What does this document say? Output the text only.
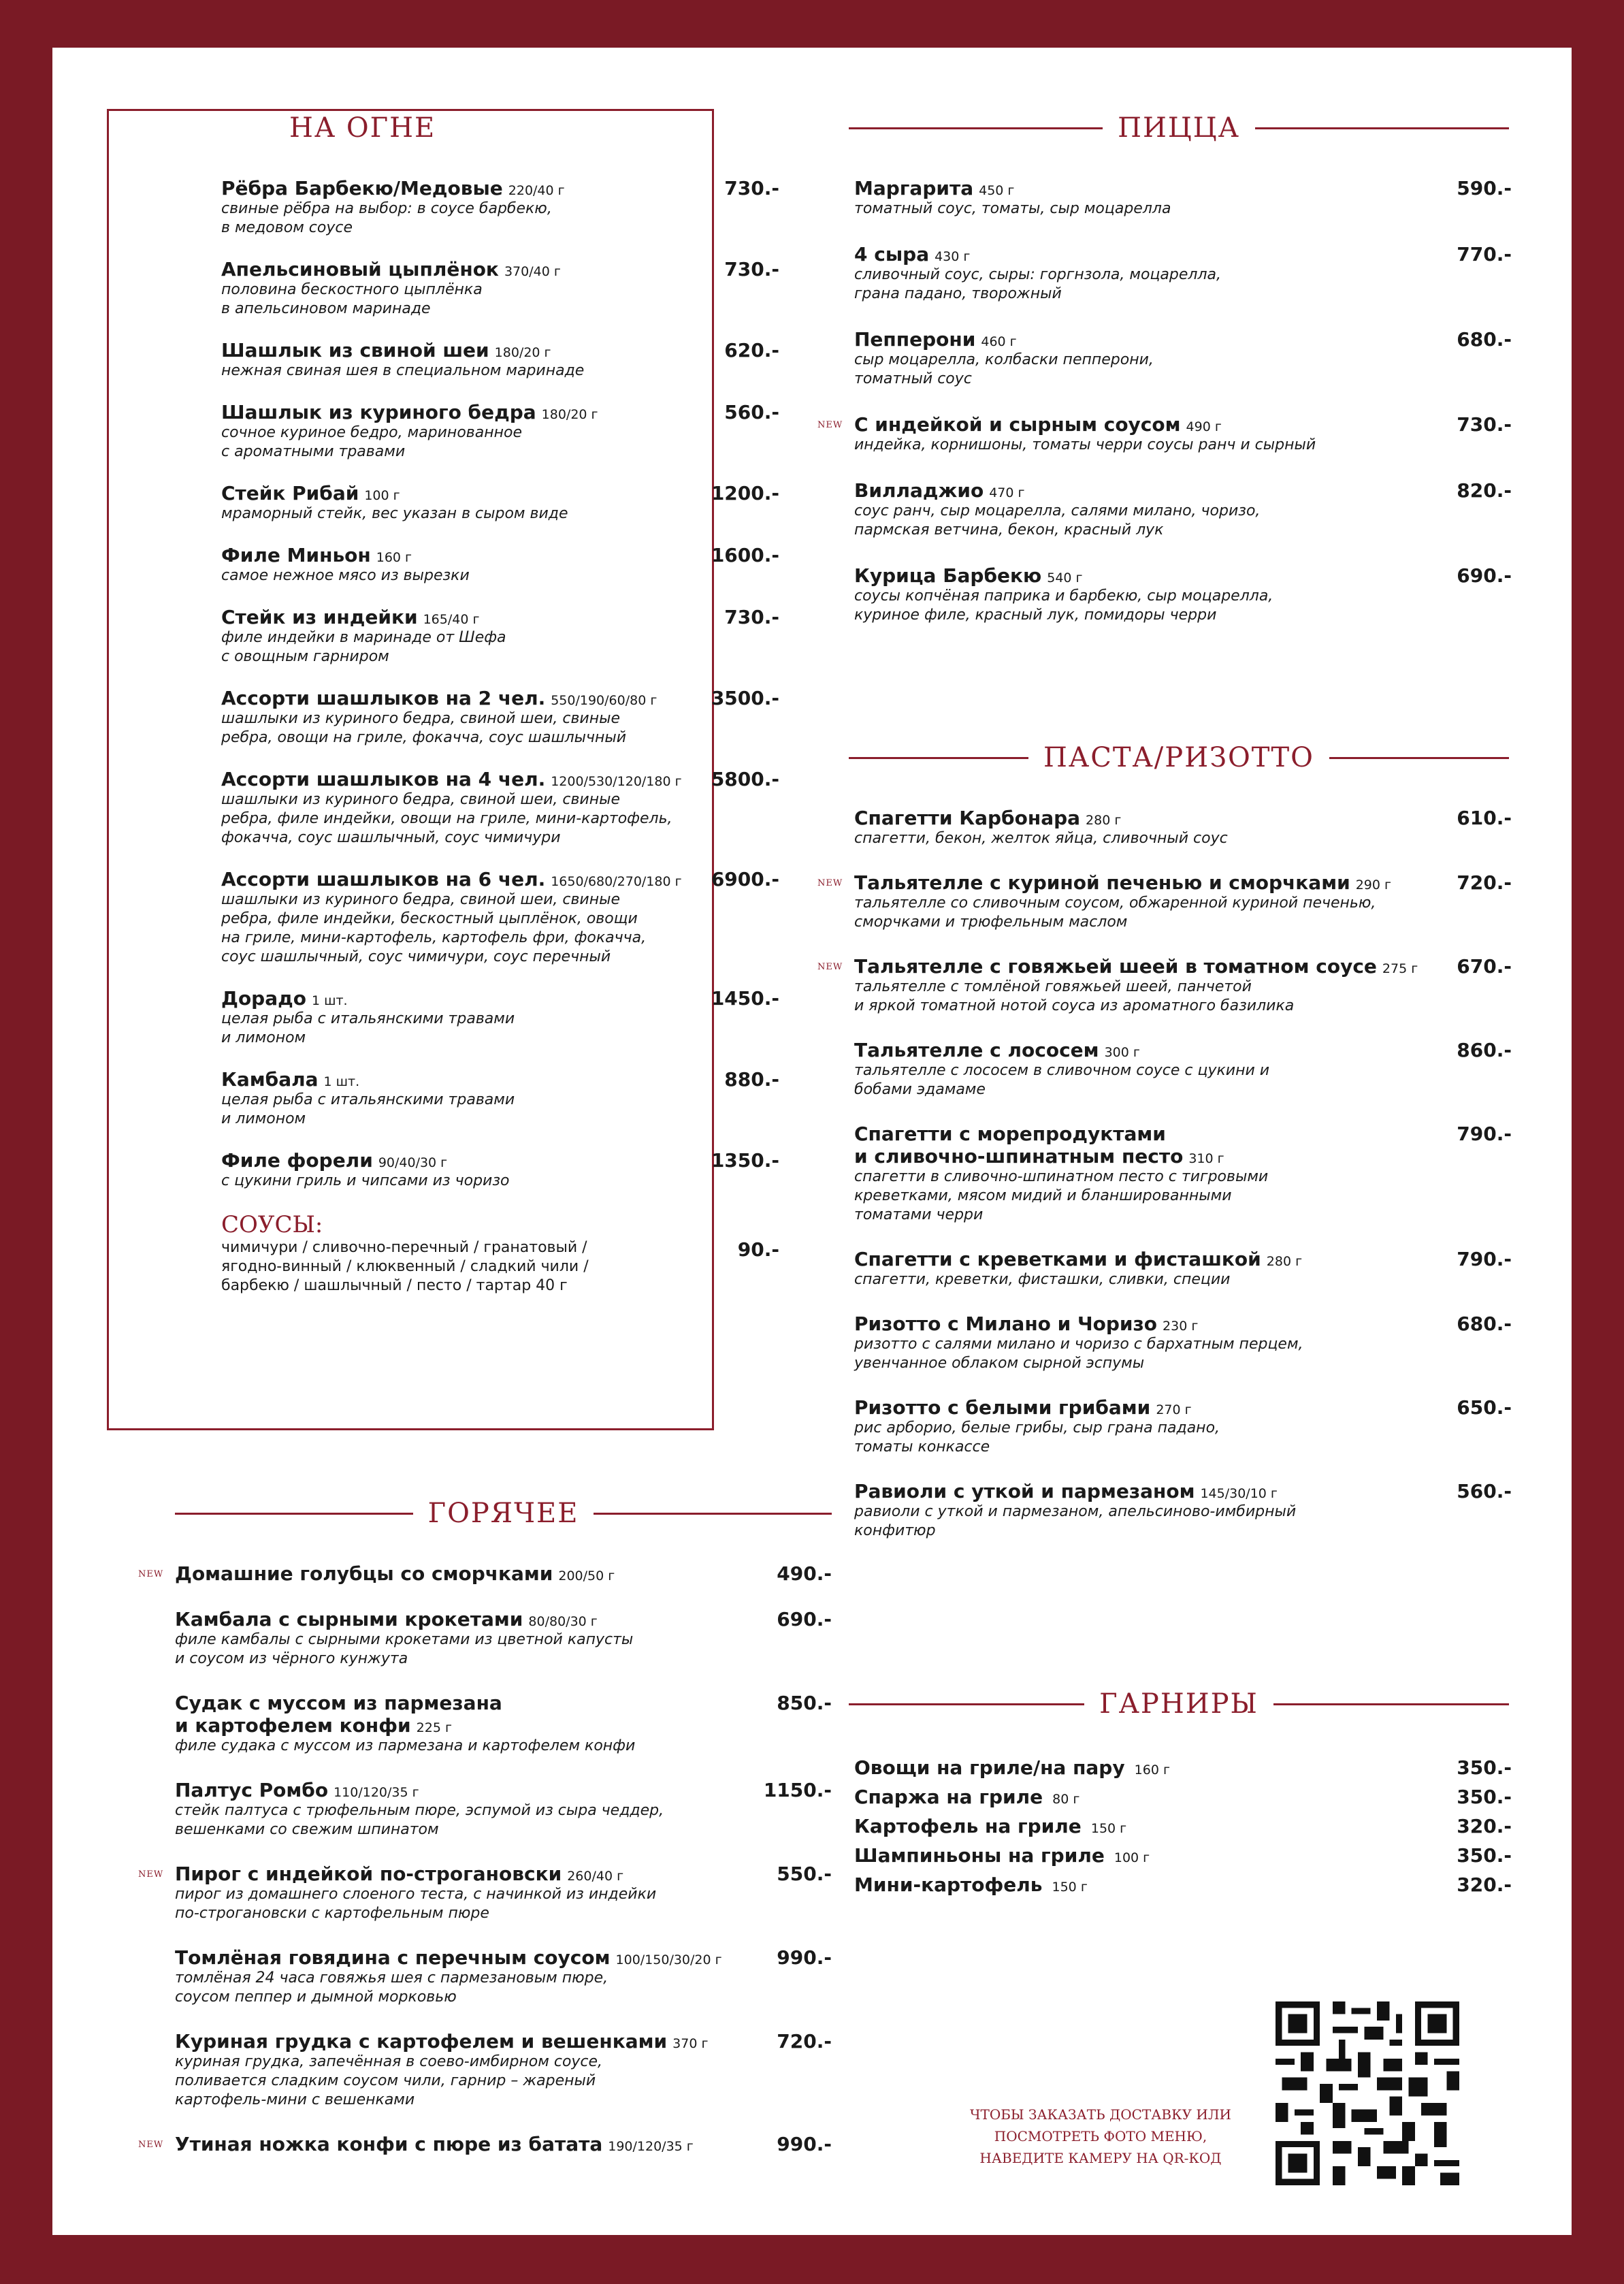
НА ОГНЕ
Рёбра Барбекю/Медовые 220/40 г	730.-
свиные рёбра на выбор: в соусе барбекю,
в медовом соусе
Апельсиновый цыплёнок 370/40 г	730.-
половина бескостного цыплёнка
в апельсиновом маринаде
Шашлык из свиной шеи 180/20 г	620.-
нежная свиная шея в специальном маринаде
Шашлык из куриного бедра 180/20 г	560.-
сочное куриное бедро, маринованное
с ароматными травами
Стейк Рибай 100 г	1200.-
мраморный стейк, вес указан в сыром виде
Филе Миньон 160 г	1600.-
самое нежное мясо из вырезки
Стейк из индейки 165/40 г	730.-
филе индейки в маринаде от Шефа
с овощным гарниром
Ассорти шашлыков на 2 чел. 550/190/60/80 г	3500.-
шашлыки из куриного бедра, свиной шеи, свиные
ребра, овощи на гриле, фокачча, соус шашлычный
Ассорти шашлыков на 4 чел. 1200/530/120/180 г 5800.-
шашлыки из куриного бедра, свиной шеи, свиные
ребра, филе индейки, овощи на гриле, мини-картофель,
фокачча, соус шашлычный, соус чимичури
Ассорти шашлыков на 6 чел. 1650/680/270/180 г 6900.-
шашлыки из куриного бедра, свиной шеи, свиные
ребра, филе индейки, бескостный цыплёнок, овощи
на гриле, мини-картофель, картофель фри, фокачча,
соус шашлычный, соус чимичури, соус перечный
Дорадо 1 шт.	1450.-
целая рыба с итальянскими травами
и лимоном
Камбала 1 шт.	880.-
целая рыба с итальянскими травами
и лимоном
Филе форели 90/40/30 г	1350.-
с цукини гриль и чипсами из чоризо
СОУСЫ:
чимичури / сливочно-перечный / гранатовый /
ягодно-винный / клюквенный / сладкий чили /
барбекю / шашлычный / песто / тартар 40 г
90.-
ГОРЯЧЕЕ
NEW Домашние голубцы со сморчками 200/50 г	490.-
Камбала с сырными крокетами 80/80/30 г	690.-
филе камбалы с сырными крокетами из цветной капусты
и соусом из чёрного кунжута
Судак с муссом из пармезана
и картофелем конфи 225 г
850.-
филе судака с муссом из пармезана и картофелем конфи
Палтус Ромбо 110/120/35 г	1150.-
стейк палтуса с трюфельным пюре, эспумой из сыра чеддер,
вешенками со свежим шпинатом
NEW Пирог с индейкой по-строгановски 260/40 г	550.-
пирог из домашнего слоеного теста, с начинкой из индейки
по-строгановски с картофельным пюре
Томлёная говядина с перечным соусом 100/150/30/20 г	990.-
томлёная 24 часа говяжья шея с пармезановым пюре,
соусом пеппер и дымной морковью
Куриная грудка с картофелем и вешенками 370 г	720.-
куриная грудка, запечённая в соево-имбирном соусе,
поливается сладким соусом чили, гарнир – жареный
картофель-мини с вешенками
NEW Утиная ножка конфи с пюре из батата 190/120/35 г	990.-
ПИЦЦА
Маргарита 450 г	590.-
томатный соус, томаты, сыр моцарелла
4 сыра 430 г	770.-
сливочный соус, сыры: горгнзола, моцарелла,
грана падано, творожный
Пепперони 460 г	680.-
сыр моцарелла, колбаски пепперони,
томатный соус
NEW С индейкой и сырным соусом 490 г	730.-
индейка, корнишоны, томаты черри соусы ранч и сырный
Вилладжио 470 г	820.-
соус ранч, сыр моцарелла, салями милано, чоризо,
пармская ветчина, бекон, красный лук
Курица Барбекю 540 г	690.-
соусы копчёная паприка и барбекю, сыр моцарелла,
куриное филе, красный лук, помидоры черри
ПАСТА/РИЗОТТО
Спагетти Карбонара 280 г	610.-
спагетти, бекон, желток яйца, сливочный соус
NEW Тальятелле с куриной печенью и сморчками 290 г	720.-
тальятелле со сливочным соусом, обжаренной куриной печенью,
сморчками и трюфельным маслом
NEW Тальятелле с говяжьей шеей в томатном соусе 275 г 670.-
тальятелле с томлёной говяжьей шеей, панчетой
и яркой томатной нотой соуса из ароматного базилика
Тальятелле с лососем 300 г	860.-
тальятелле с лососем в сливочном соусе с цукини и
бобами эдамаме
Спагетти с морепродуктами
и сливочно-шпинатным песто 310 г
790.-
спагетти в сливочно-шпинатном песто с тигровыми
креветками, мясом мидий и бланшированными
томатами черри
Спагетти с креветками и фисташкой 280 г	790.-
спагетти, креветки, фисташки, сливки, специи
Ризотто с Милано и Чоризо 230 г	680.-
ризотто с салями милано и чоризо с бархатным перцем,
увенчанное облаком сырной эспумы
Ризотто с белыми грибами 270 г	650.-
рис арборио, белые грибы, сыр грана падано,
томаты конкассе
Равиоли с уткой и пармезаном 145/30/10 г	560.-
равиоли с уткой и пармезаном, апельсиново-имбирный
конфитюр
ГАРНИРЫ
Овощи на гриле/на пару 160 г	350.-
Спаржа на гриле 80 г	350.-
Картофель на гриле 150 г	320.-
Шампиньоны на гриле 100 г	350.-
Мини-картофель 150 г	320.-
ЧТОБЫ ЗАКАЗАТЬ ДОСТАВКУ ИЛИ
ПОСМОТРЕТЬ ФОТО МЕНЮ,
НАВЕДИТЕ КАМЕРУ НА QR-КОД
